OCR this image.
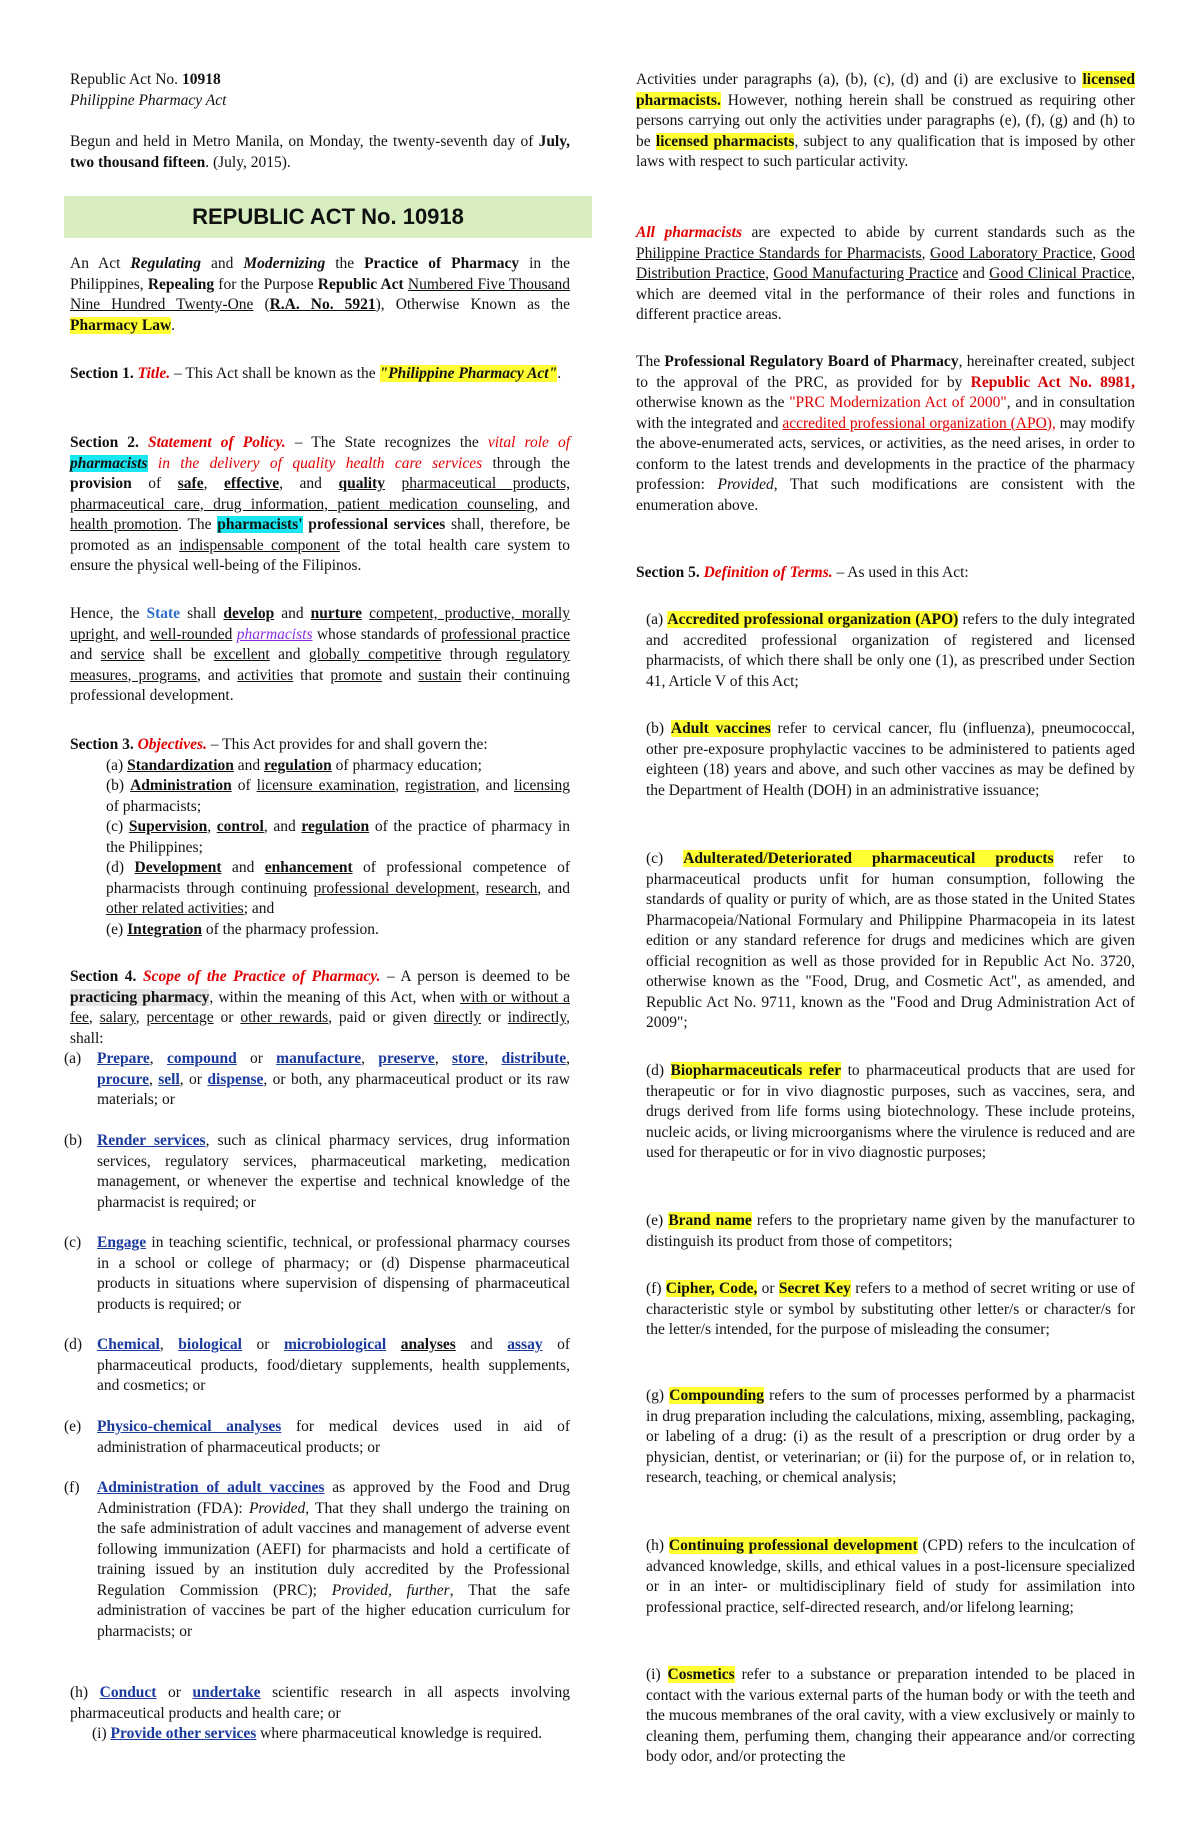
REPUBLIC ACT No. 10918

Republic Act No. 10918

Philippine Pharmacy Act

Begun and held in Metro Manila, on Monday, the twenty-seventh day of July, two thousand fifteen. (July, 2015).

An Act Regulating and Modernizing the Practice of Pharmacy in the Philippines, Repealing for the Purpose Republic Act Numbered Five Thousand Nine Hundred Twenty-One (R.A. No. 5921), Otherwise Known as the Pharmacy Law.

Section 1. Title. – This Act shall be known as the "Philippine Pharmacy Act".

Section 2. Statement of Policy. – The State recognizes the vital role of pharmacists in the delivery of quality health care services through the provision of safe, effective, and quality pharmaceutical products, pharmaceutical care, drug information, patient medication counseling, and health promotion. The pharmacists' professional services shall, therefore, be promoted as an indispensable component of the total health care system to ensure the physical well-being of the Filipinos.

Hence, the State shall develop and nurture competent, productive, morally upright, and well-rounded pharmacists whose standards of professional practice and service shall be excellent and globally competitive through regulatory measures, programs, and activities that promote and sustain their continuing professional development.

Section 3. Objectives. – This Act provides for and shall govern the:

(a) Standardization and regulation of pharmacy education;

(b) Administration of licensure examination, registration, and licensing of pharmacists;

(c) Supervision, control, and regulation of the practice of pharmacy in the Philippines;

(d) Development and enhancement of professional competence of pharmacists through continuing professional development, research, and other related activities; and

(e) Integration of the pharmacy profession.

Section 4. Scope of the Practice of Pharmacy. – A person is deemed to be practicing pharmacy, within the meaning of this Act, when with or without a fee, salary, percentage or other rewards, paid or given directly or indirectly, shall:

(a) Prepare, compound or manufacture, preserve, store, distribute, procure, sell, or dispense, or both, any pharmaceutical product or its raw materials; or

(b) Render services, such as clinical pharmacy services, drug information services, regulatory services, pharmaceutical marketing, medication management, or whenever the expertise and technical knowledge of the pharmacist is required; or

(c) Engage in teaching scientific, technical, or professional pharmacy courses in a school or college of pharmacy; or (d) Dispense pharmaceutical products in situations where supervision of dispensing of pharmaceutical products is required; or

(d) Chemical, biological or microbiological analyses and assay of pharmaceutical products, food/dietary supplements, health supplements, and cosmetics; or

(e) Physico-chemical analyses for medical devices used in aid of administration of pharmaceutical products; or

(f) Administration of adult vaccines as approved by the Food and Drug Administration (FDA): Provided, That they shall undergo the training on the safe administration of adult vaccines and management of adverse event following immunization (AEFI) for pharmacists and hold a certificate of training issued by an institution duly accredited by the Professional Regulation Commission (PRC); Provided, further, That the safe administration of vaccines be part of the higher education curriculum for pharmacists; or

(h) Conduct or undertake scientific research in all aspects involving pharmaceutical products and health care; or

(i) Provide other services where pharmaceutical knowledge is required.

Activities under paragraphs (a), (b), (c), (d) and (i) are exclusive to licensed pharmacists. However, nothing herein shall be construed as requiring other persons carrying out only the activities under paragraphs (e), (f), (g) and (h) to be licensed pharmacists, subject to any qualification that is imposed by other laws with respect to such particular activity.

All pharmacists are expected to abide by current standards such as the Philippine Practice Standards for Pharmacists, Good Laboratory Practice, Good Distribution Practice, Good Manufacturing Practice and Good Clinical Practice, which are deemed vital in the performance of their roles and functions in different practice areas.

The Professional Regulatory Board of Pharmacy, hereinafter created, subject to the approval of the PRC, as provided for by Republic Act No. 8981, otherwise known as the "PRC Modernization Act of 2000", and in consultation with the integrated and accredited professional organization (APO), may modify the above-enumerated acts, services, or activities, as the need arises, in order to conform to the latest trends and developments in the practice of the pharmacy profession: Provided, That such modifications are consistent with the enumeration above.

Section 5. Definition of Terms. – As used in this Act:

(a) Accredited professional organization (APO) refers to the duly integrated and accredited professional organization of registered and licensed pharmacists, of which there shall be only one (1), as prescribed under Section 41, Article V of this Act;

(b) Adult vaccines refer to cervical cancer, flu (influenza), pneumococcal, other pre-exposure prophylactic vaccines to be administered to patients aged eighteen (18) years and above, and such other vaccines as may be defined by the Department of Health (DOH) in an administrative issuance;

(c) Adulterated/Deteriorated pharmaceutical products refer to pharmaceutical products unfit for human consumption, following the standards of quality or purity of which, are as those stated in the United States Pharmacopeia/National Formulary and Philippine Pharmacopeia in its latest edition or any standard reference for drugs and medicines which are given official recognition as well as those provided for in Republic Act No. 3720, otherwise known as the "Food, Drug, and Cosmetic Act", as amended, and Republic Act No. 9711, known as the "Food and Drug Administration Act of 2009";

(d) Biopharmaceuticals refer to pharmaceutical products that are used for therapeutic or for in vivo diagnostic purposes, such as vaccines, sera, and drugs derived from life forms using biotechnology. These include proteins, nucleic acids, or living microorganisms where the virulence is reduced and are used for therapeutic or for in vivo diagnostic purposes;

(e) Brand name refers to the proprietary name given by the manufacturer to distinguish its product from those of competitors;

(f) Cipher, Code, or Secret Key refers to a method of secret writing or use of characteristic style or symbol by substituting other letter/s or character/s for the letter/s intended, for the purpose of misleading the consumer;

(g) Compounding refers to the sum of processes performed by a pharmacist in drug preparation including the calculations, mixing, assembling, packaging, or labeling of a drug: (i) as the result of a prescription or drug order by a physician, dentist, or veterinarian; or (ii) for the purpose of, or in relation to, research, teaching, or chemical analysis;

(h) Continuing professional development (CPD) refers to the inculcation of advanced knowledge, skills, and ethical values in a post-licensure specialized or in an inter- or multidisciplinary field of study for assimilation into professional practice, self-directed research, and/or lifelong learning;

(i) Cosmetics refer to a substance or preparation intended to be placed in contact with the various external parts of the human body or with the teeth and the mucous membranes of the oral cavity, with a view exclusively or mainly to cleaning them, perfuming them, changing their appearance and/or correcting body odor, and/or protecting the
